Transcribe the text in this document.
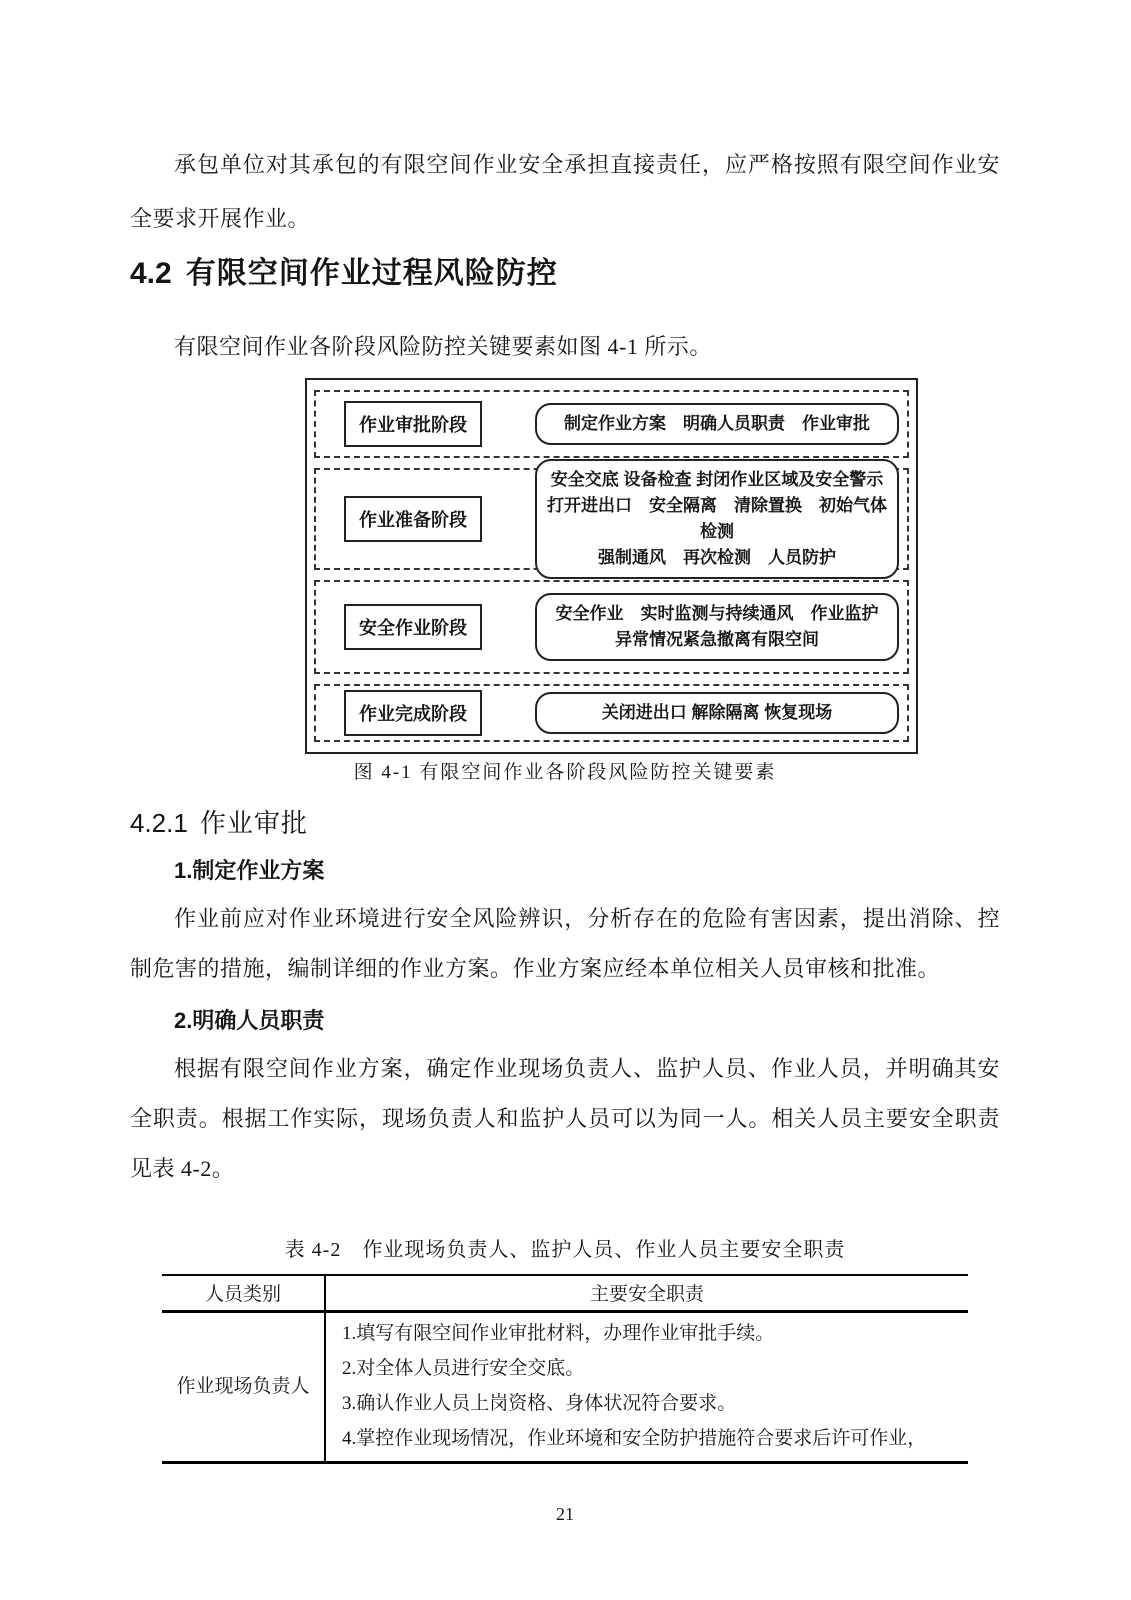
承包单位对其承包的有限空间作业安全承担直接责任，应严格按照有限空间作业安全要求开展作业。

4.2 有限空间作业过程风险防控

有限空间作业各阶段风险防控关键要素如图 4-1 所示。

作业审批阶段	制定作业方案　明确人员职责　作业审批
作业准备阶段
安全交底 设备检查 封闭作业区域及安全警示
打开进出口　安全隔离　清除置换　初始气体检测
强制通风　再次检测　人员防护
安全作业阶段
安全作业　实时监测与持续通风　作业监护
异常情况紧急撤离有限空间
作业完成阶段	关闭进出口 解除隔离 恢复现场
图 4-1 有限空间作业各阶段风险防控关键要素
4.2.1 作业审批
1.制定作业方案

作业前应对作业环境进行安全风险辨识，分析存在的危险有害因素，提出消除、控制危害的措施，编制详细的作业方案。作业方案应经本单位相关人员审核和批准。

2.明确人员职责

根据有限空间作业方案，确定作业现场负责人、监护人员、作业人员，并明确其安全职责。根据工作实际，现场负责人和监护人员可以为同一人。相关人员主要安全职责见表 4-2。

表 4-2　作业现场负责人、监护人员、作业人员主要安全职责
人员类别	主要安全职责
作业现场负责人	1.填写有限空间作业审批材料，办理作业审批手续。
2.对全体人员进行安全交底。
3.确认作业人员上岗资格、身体状况符合要求。
4.掌控作业现场情况，作业环境和安全防护措施符合要求后许可作业，
21
